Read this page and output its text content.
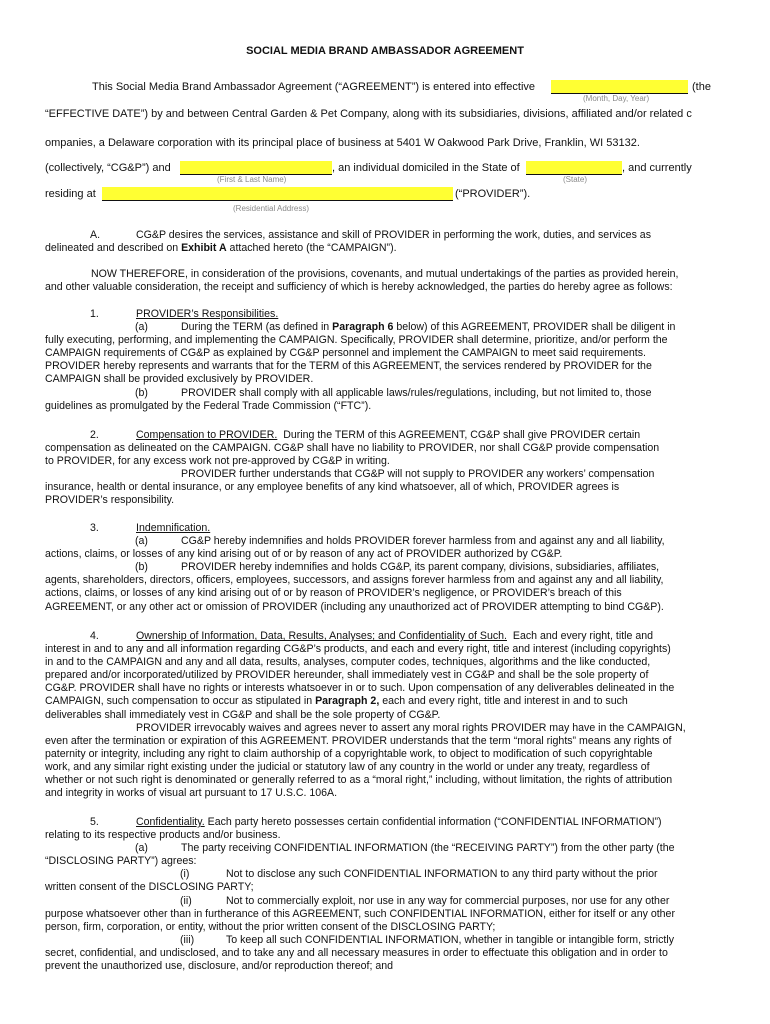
SOCIAL MEDIA BRAND AMBASSADOR AGREEMENT
This Social Media Brand Ambassador Agreement (“AGREEMENT”) is entered into effective	(the
(Month, Day, Year)
“EFFECTIVE DATE”) by and between Central Garden & Pet Company, along with its subsidiaries, divisions, affiliated and/or related c
ompanies, a Delaware corporation with its principal place of business at 5401 W Oakwood Park Drive, Franklin, WI 53132.
(collectively, “CG&P”) and	, an individual domiciled in the State of	, and currently
(First & Last Name)	(State)
residing at	(“PROVIDER”).
(Residential Address)
A.	CG&P desires the services, assistance and skill of PROVIDER in performing the work, duties, and services as
delineated and described on Exhibit A attached hereto (the “CAMPAIGN”).
NOW THEREFORE, in consideration of the provisions, covenants, and mutual undertakings of the parties as provided herein,
and other valuable consideration, the receipt and sufficiency of which is hereby acknowledged, the parties do hereby agree as follows:
1.	PROVIDER’s Responsibilities.
(a)	During the TERM (as defined in Paragraph 6 below) of this AGREEMENT, PROVIDER shall be diligent in
fully executing, performing, and implementing the CAMPAIGN. Specifically, PROVIDER shall determine, prioritize, and/or perform the
CAMPAIGN requirements of CG&P as explained by CG&P personnel and implement the CAMPAIGN to meet said requirements.
PROVIDER hereby represents and warrants that for the TERM of this AGREEMENT, the services rendered by PROVIDER for the
CAMPAIGN shall be provided exclusively by PROVIDER.
(b)	PROVIDER shall comply with all applicable laws/rules/regulations, including, but not limited to, those
guidelines as promulgated by the Federal Trade Commission (“FTC”).
2.	Compensation to PROVIDER. During the TERM of this AGREEMENT, CG&P shall give PROVIDER certain
compensation as delineated on the CAMPAIGN. CG&P shall have no liability to PROVIDER, nor shall CG&P provide compensation
to PROVIDER, for any excess work not pre-approved by CG&P in writing.
PROVIDER further understands that CG&P will not supply to PROVIDER any workers’ compensation
insurance, health or dental insurance, or any employee benefits of any kind whatsoever, all of which, PROVIDER agrees is
PROVIDER’s responsibility.
3.	Indemnification.
(a)	CG&P hereby indemnifies and holds PROVIDER forever harmless from and against any and all liability,
actions, claims, or losses of any kind arising out of or by reason of any act of PROVIDER authorized by CG&P.
(b)	PROVIDER hereby indemnifies and holds CG&P, its parent company, divisions, subsidiaries, affiliates,
agents, shareholders, directors, officers, employees, successors, and assigns forever harmless from and against any and all liability,
actions, claims, or losses of any kind arising out of or by reason of PROVIDER’s negligence, or PROVIDER’s breach of this
AGREEMENT, or any other act or omission of PROVIDER (including any unauthorized act of PROVIDER attempting to bind CG&P).
4.	Ownership of Information, Data, Results, Analyses; and Confidentiality of Such. Each and every right, title and
interest in and to any and all information regarding CG&P’s products, and each and every right, title and interest (including copyrights)
in and to the CAMPAIGN and any and all data, results, analyses, computer codes, techniques, algorithms and the like conducted,
prepared and/or incorporated/utilized by PROVIDER hereunder, shall immediately vest in CG&P and shall be the sole property of
CG&P. PROVIDER shall have no rights or interests whatsoever in or to such. Upon compensation of any deliverables delineated in the
CAMPAIGN, such compensation to occur as stipulated in Paragraph 2, each and every right, title and interest in and to such
deliverables shall immediately vest in CG&P and shall be the sole property of CG&P.
PROVIDER irrevocably waives and agrees never to assert any moral rights PROVIDER may have in the CAMPAIGN,
even after the termination or expiration of this AGREEMENT. PROVIDER understands that the term “moral rights” means any rights of
paternity or integrity, including any right to claim authorship of a copyrightable work, to object to modification of such copyrightable
work, and any similar right existing under the judicial or statutory law of any country in the world or under any treaty, regardless of
whether or not such right is denominated or generally referred to as a “moral right,” including, without limitation, the rights of attribution
and integrity in works of visual art pursuant to 17 U.S.C. 106A.
5.	Confidentiality. Each party hereto possesses certain confidential information (“CONFIDENTIAL INFORMATION”)
relating to its respective products and/or business.
(a)	The party receiving CONFIDENTIAL INFORMATION (the “RECEIVING PARTY”) from the other party (the
“DISCLOSING PARTY”) agrees:
(i)	Not to disclose any such CONFIDENTIAL INFORMATION to any third party without the prior
written consent of the DISCLOSING PARTY;
(ii)	Not to commercially exploit, nor use in any way for commercial purposes, nor use for any other
purpose whatsoever other than in furtherance of this AGREEMENT, such CONFIDENTIAL INFORMATION, either for itself or any other
person, firm, corporation, or entity, without the prior written consent of the DISCLOSING PARTY;
(iii)	To keep all such CONFIDENTIAL INFORMATION, whether in tangible or intangible form, strictly
secret, confidential, and undisclosed, and to take any and all necessary measures in order to effectuate this obligation and in order to
prevent the unauthorized use, disclosure, and/or reproduction thereof; and
